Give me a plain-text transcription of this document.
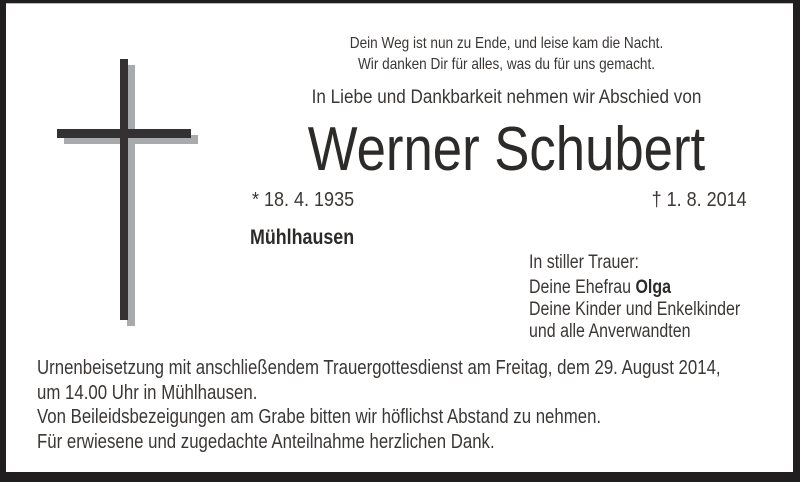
Dein Weg ist nun zu Ende, und leise kam die Nacht.
Wir danken Dir für alles, was du für uns gemacht.
In Liebe und Dankbarkeit nehmen wir Abschied von
Werner Schubert
* 18. 4. 1935	† 1. 8. 2014
Mühlhausen
In stiller Trauer:
Deine Ehefrau Olga
Deine Kinder und Enkelkinder
und alle Anverwandten
Urnenbeisetzung mit anschließendem Trauergottesdienst am Freitag, dem 29. August 2014,
um 14.00 Uhr in Mühlhausen.
Von Beileidsbezeigungen am Grabe bitten wir höflichst Abstand zu nehmen.
Für erwiesene und zugedachte Anteilnahme herzlichen Dank.
